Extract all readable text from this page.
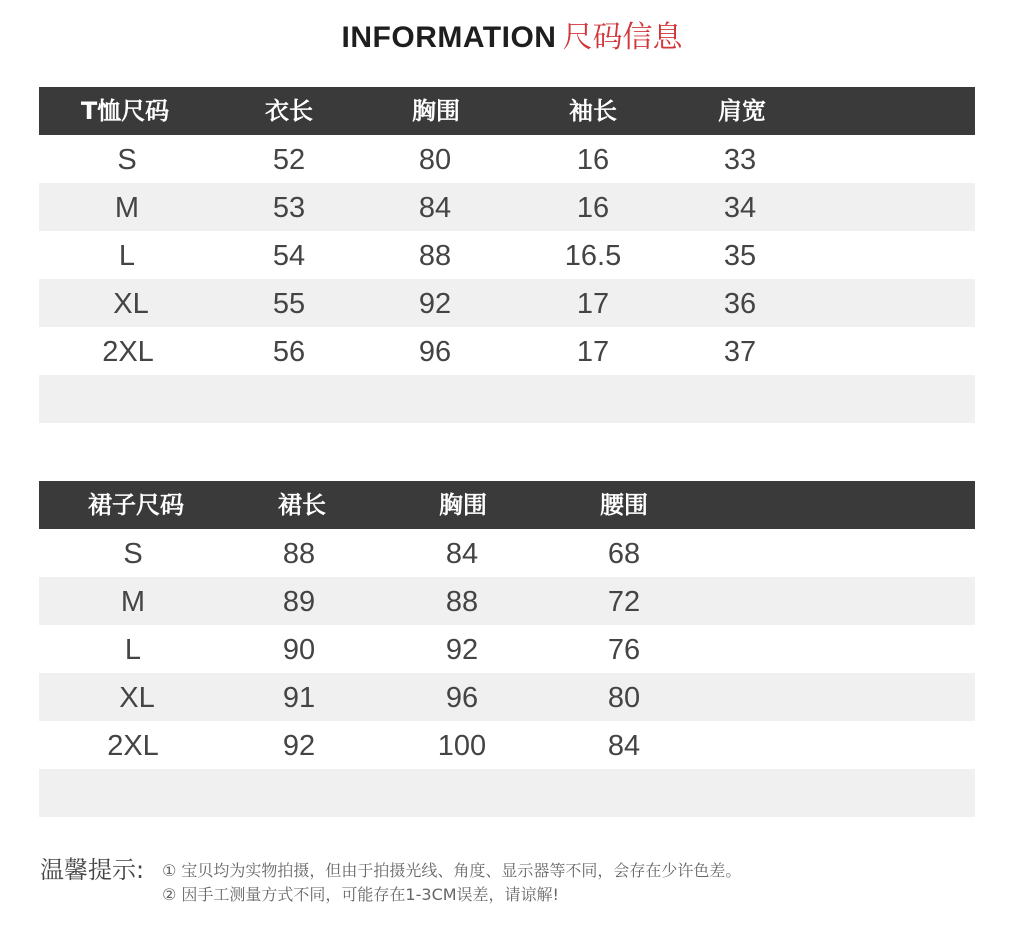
INFORMATION 尺码信息
T恤尺码	衣长	胸围	袖长	肩宽
S	52	80	16	33
M	53	84	16	34
L	54	88	16.5	35
XL	55	92	17	36
2XL	56	96	17	37
裙子尺码	裙长	胸围	腰围
S	88	84	68
M	89	88	72
L	90	92	76
XL	91	96	80
2XL	92	100	84
温馨提示: ① 宝贝均为实物拍摄，但由于拍摄光线、角度、显示器等不同，会存在少许色差。
② 因手工测量方式不同，可能存在1-3CM误差，请谅解!
